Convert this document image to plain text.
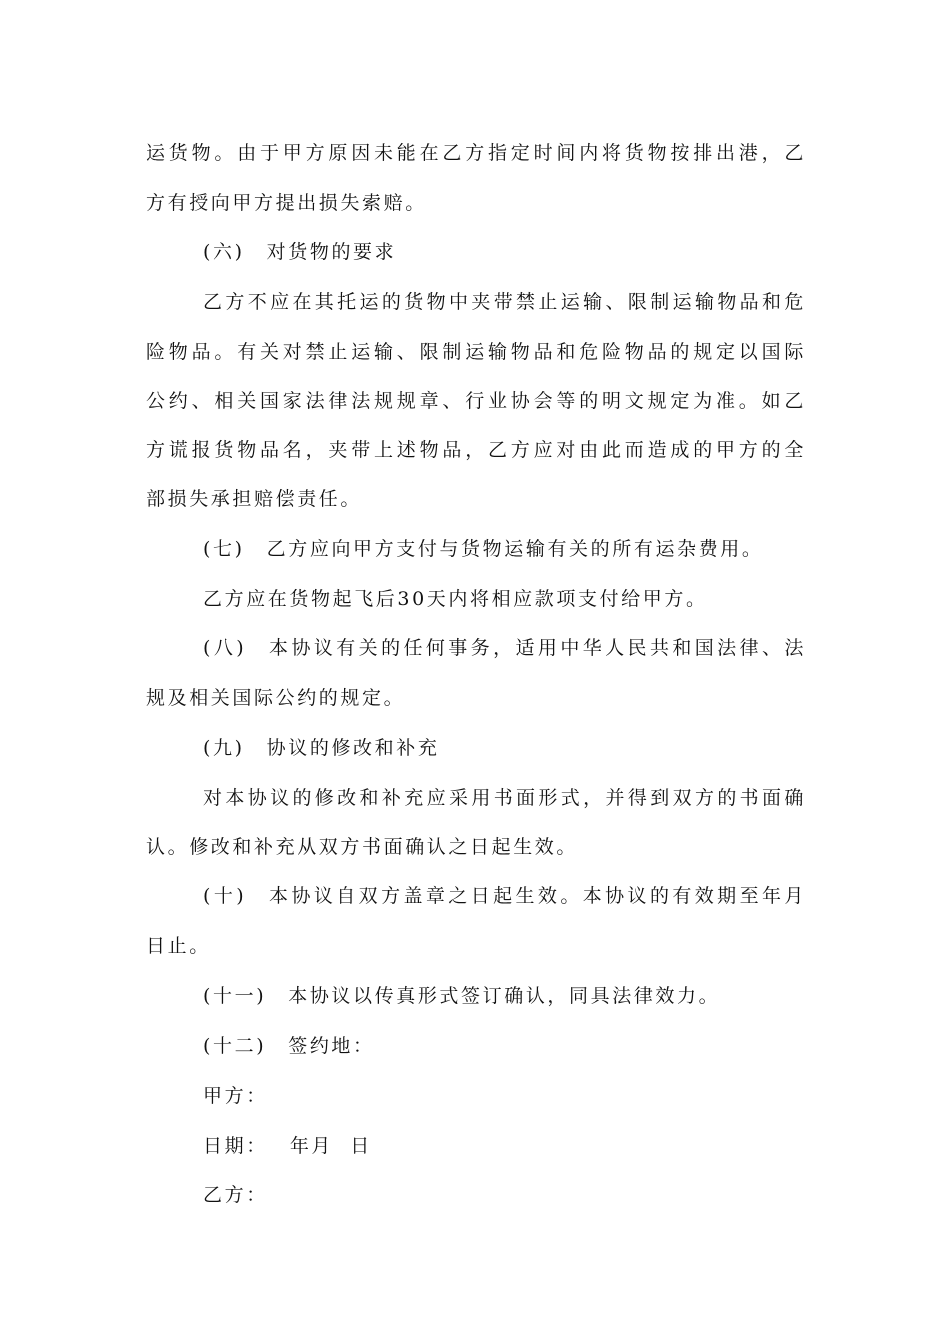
运货物。由于甲方原因未能在乙方指定时间内将货物按排出港，乙
方有授向甲方提出损失索赔。
(六) 对货物的要求
乙方不应在其托运的货物中夹带禁止运输、限制运输物品和危
险物品。有关对禁止运输、限制运输物品和危险物品的规定以国际
公约、相关国家法律法规规章、行业协会等的明文规定为准。如乙
方谎报货物品名，夹带上述物品，乙方应对由此而造成的甲方的全
部损失承担赔偿责任。
(七) 乙方应向甲方支付与货物运输有关的所有运杂费用。
乙方应在货物起飞后30天内将相应款项支付给甲方。
(八) 本协议有关的任何事务，适用中华人民共和国法律、法
规及相关国际公约的规定。
(九) 协议的修改和补充
对本协议的修改和补充应采用书面形式，并得到双方的书面确
认。修改和补充从双方书面确认之日起生效。
(十) 本协议自双方盖章之日起生效。本协议的有效期至年月
日止。
(十一) 本协议以传真形式签订确认，同具法律效力。
(十二) 签约地：
甲方：
日期： 年月  日
乙方：
